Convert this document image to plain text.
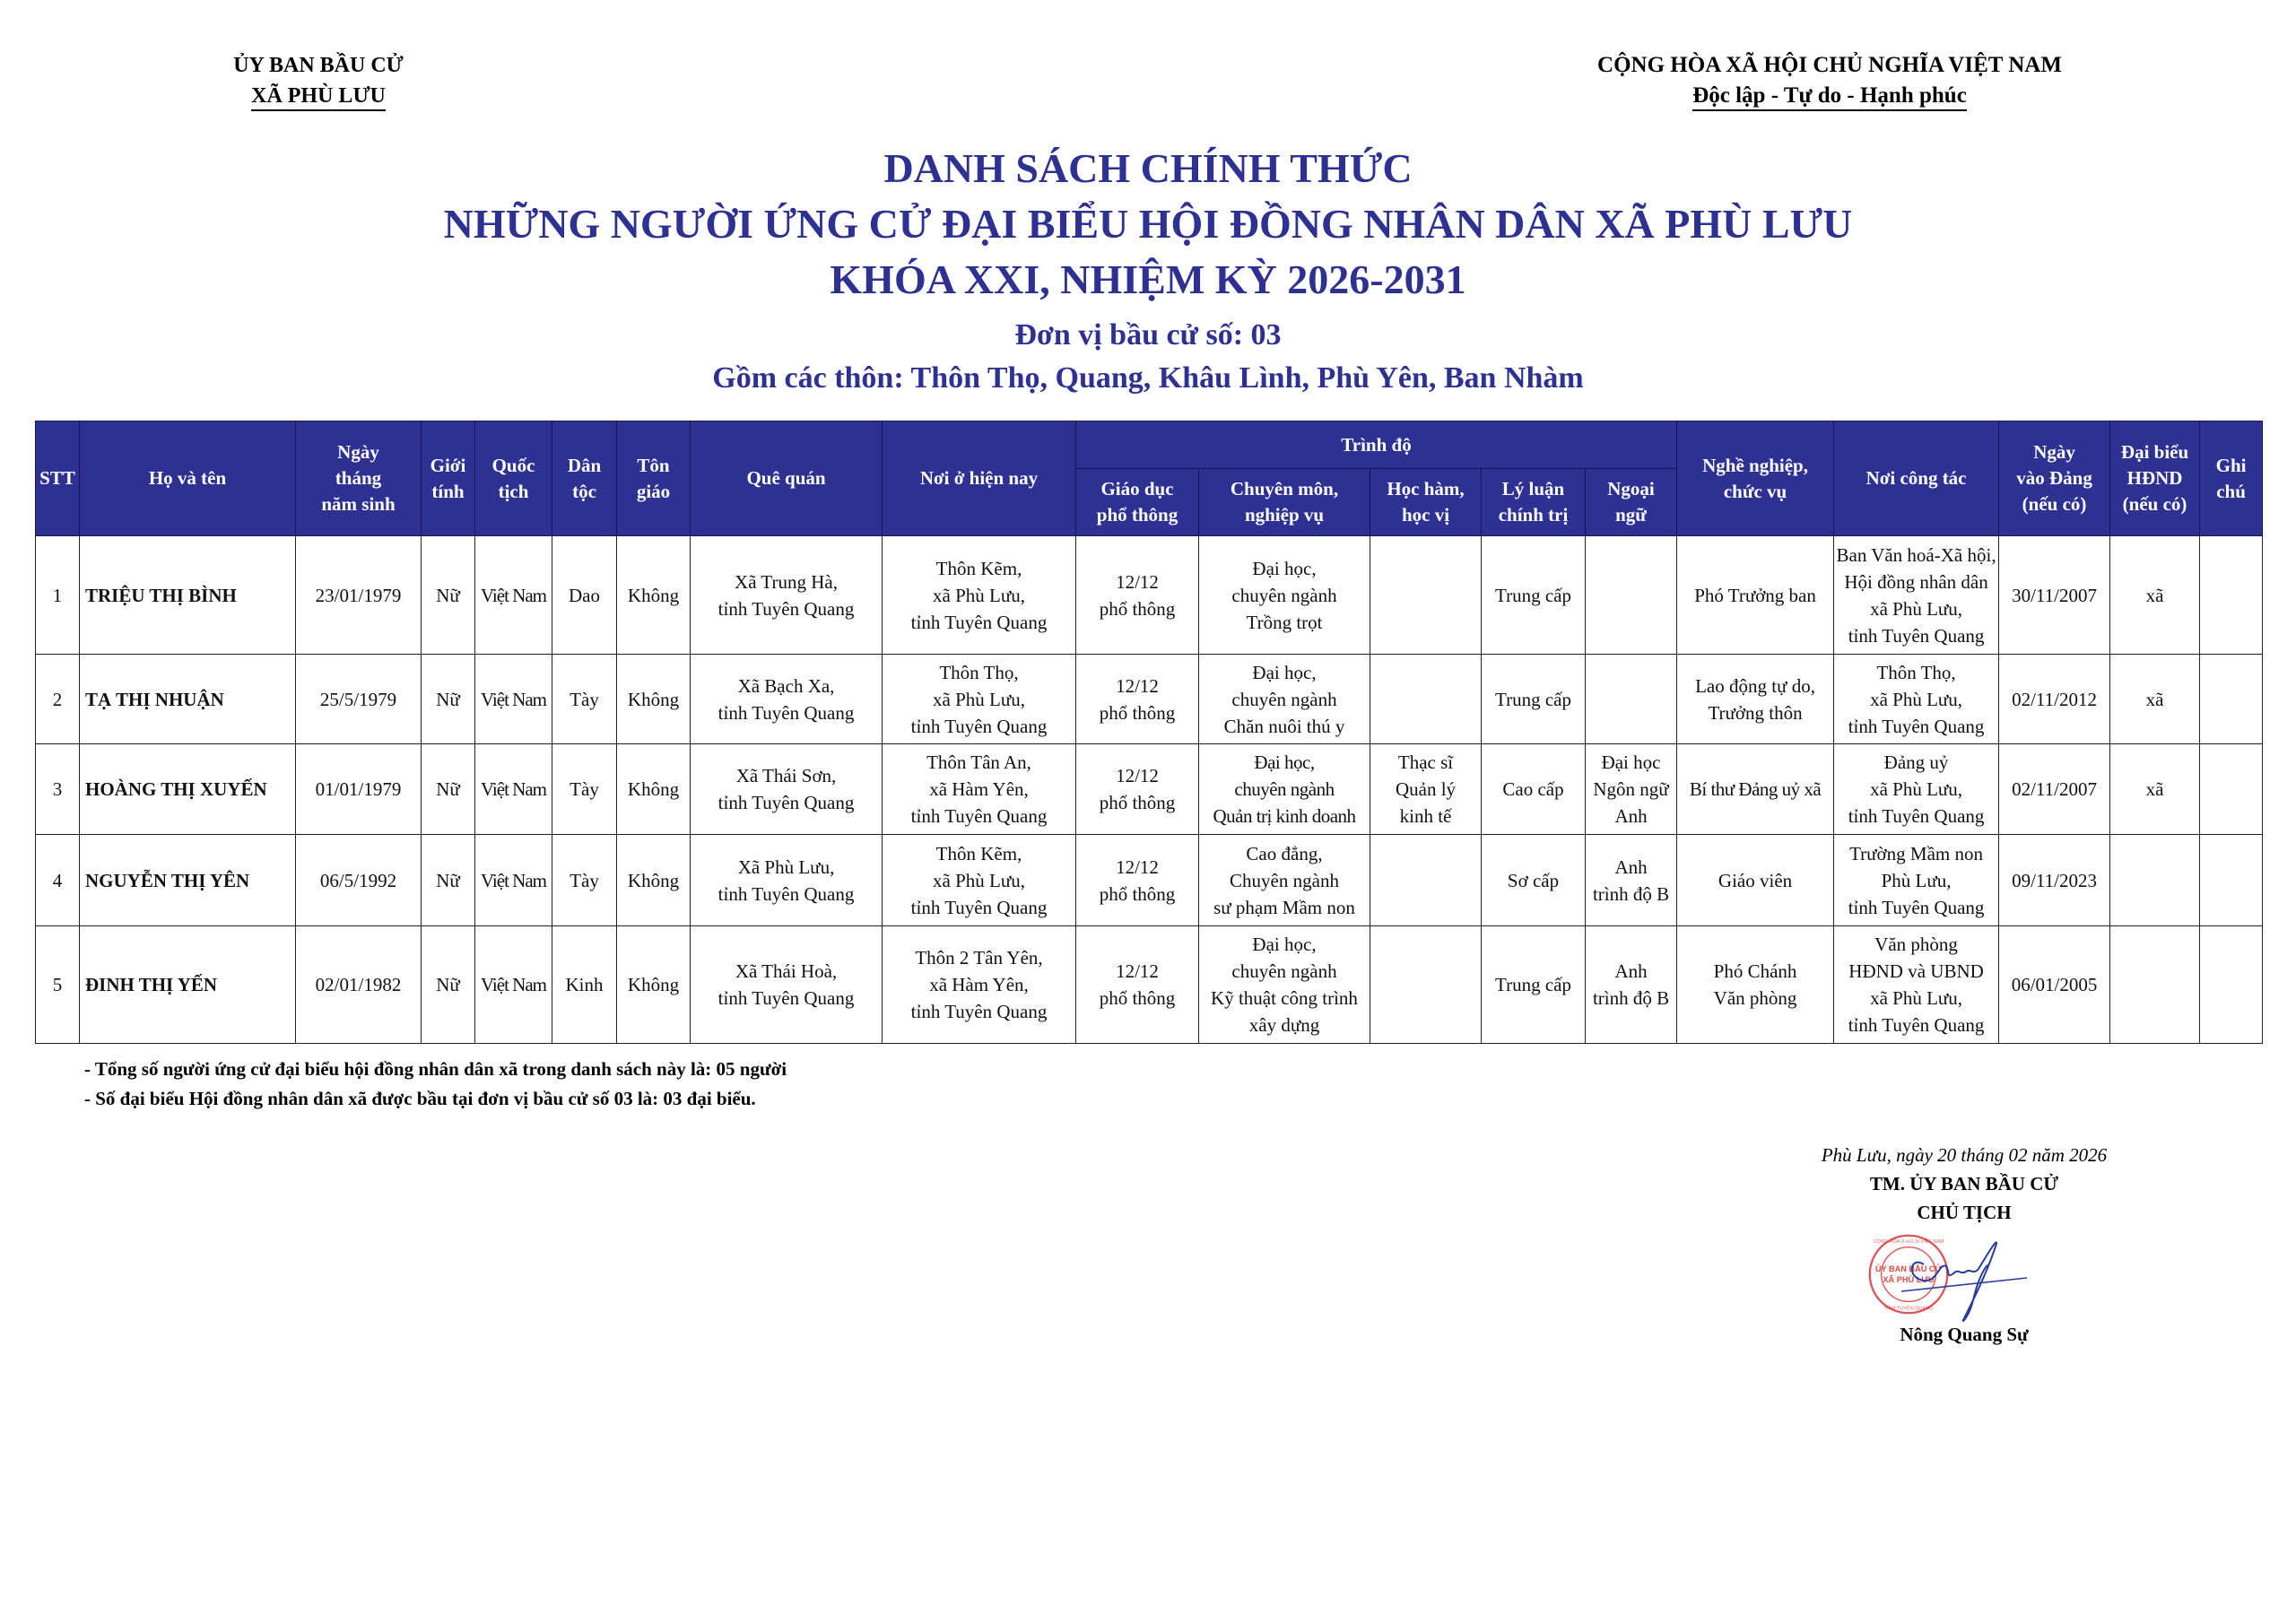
ỦY BAN BẦU CỬ
XÃ PHÙ LƯU
CỘNG HÒA XÃ HỘI CHỦ NGHĨA VIỆT NAM
Độc lập - Tự do - Hạnh phúc
DANH SÁCH CHÍNH THỨC
NHỮNG NGƯỜI ỨNG CỬ ĐẠI BIỂU HỘI ĐỒNG NHÂN DÂN XÃ PHÙ LƯU
KHÓA XXI, NHIỆM KỲ 2026-2031
Đơn vị bầu cử số: 03
Gồm các thôn: Thôn Thọ, Quang, Khâu Lình, Phù Yên, Ban Nhàm
STT	Họ và tên	Ngày
tháng
năm sinh	Giới
tính	Quốc
tịch	Dân
tộc	Tôn
giáo	Quê quán	Nơi ở hiện nay	Trình độ					Nghề nghiệp,
chức vụ	Nơi công tác	Ngày
vào Đảng
(nếu có)	Đại biểu
HĐND
(nếu có)	Ghi
chú

									Giáo dục
phổ thông	Chuyên môn,
nghiệp vụ	Học hàm,
học vị	Lý luận
chính trị	Ngoại
ngữ					

1	TRIỆU THỊ BÌNH	23/01/1979	Nữ	Việt Nam	Dao	Không	Xã Trung Hà,
tỉnh Tuyên Quang	Thôn Kẽm,
xã Phù Lưu,
tỉnh Tuyên Quang	12/12
phổ thông	Đại học,
chuyên ngành
Trồng trọt		Trung cấp		Phó Trưởng ban	Ban Văn hoá-Xã hội,
Hội đồng nhân dân
xã Phù Lưu,
tỉnh Tuyên Quang	30/11/2007	xã	
2	TẠ THỊ NHUẬN	25/5/1979	Nữ	Việt Nam	Tày	Không	Xã Bạch Xa,
tỉnh Tuyên Quang	Thôn Thọ,
xã Phù Lưu,
tỉnh Tuyên Quang	12/12
phổ thông	Đại học,
chuyên ngành
Chăn nuôi thú y		Trung cấp		Lao động tự do,
Trưởng thôn	Thôn Thọ,
xã Phù Lưu,
tỉnh Tuyên Quang	02/11/2012	xã	
3	HOÀNG THỊ XUYẾN	01/01/1979	Nữ	Việt Nam	Tày	Không	Xã Thái Sơn,
tỉnh Tuyên Quang	Thôn Tân An,
xã Hàm Yên,
tỉnh Tuyên Quang	12/12
phổ thông	Đại học,
chuyên ngành
Quản trị kinh doanh	Thạc sĩ
Quản lý
kinh tế	Cao cấp	Đại học
Ngôn ngữ
Anh	Bí thư Đảng uỷ xã	Đảng uỷ
xã Phù Lưu,
tỉnh Tuyên Quang	02/11/2007	xã	
4	NGUYỄN THỊ YÊN	06/5/1992	Nữ	Việt Nam	Tày	Không	Xã Phù Lưu,
tỉnh Tuyên Quang	Thôn Kẽm,
xã Phù Lưu,
tỉnh Tuyên Quang	12/12
phổ thông	Cao đẳng,
Chuyên ngành
sư phạm Mầm non		Sơ cấp	Anh
trình độ B	Giáo viên	Trường Mầm non
Phù Lưu,
tỉnh Tuyên Quang	09/11/2023		
5	ĐINH THỊ YẾN	02/01/1982	Nữ	Việt Nam	Kinh	Không	Xã Thái Hoà,
tỉnh Tuyên Quang	Thôn 2 Tân Yên,
xã Hàm Yên,
tỉnh Tuyên Quang	12/12
phổ thông	Đại học,
chuyên ngành
Kỹ thuật công trình
xây dựng		Trung cấp	Anh
trình độ B	Phó Chánh
Văn phòng	Văn phòng
HĐND và UBND
xã Phù Lưu,
tỉnh Tuyên Quang	06/01/2005		
- Tổng số người ứng cử đại biểu hội đồng nhân dân xã trong danh sách này là: 05 người
- Số đại biểu Hội đồng nhân dân xã được bầu tại đơn vị bầu cử số 03 là: 03 đại biểu.
Phù Lưu, ngày 20 tháng 02 năm 2026
TM. ỦY BAN BẦU CỬ
CHỦ TỊCH
Nông Quang Sự
ỦY BAN BẦU CỬ
XÃ PHÙ LƯU
CỘNG HÒA X.H.C.N VIỆT NAM
TỈNH TUYÊN QUANG
